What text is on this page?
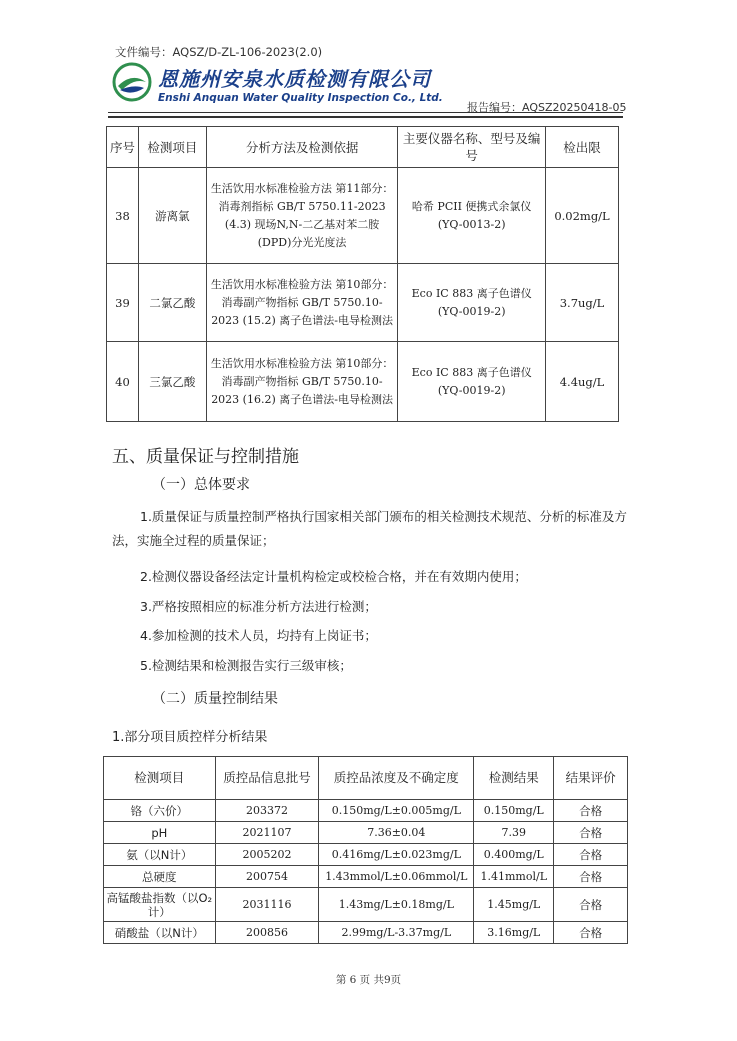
文件编号：AQSZ/D-ZL-106-2023(2.0)
恩施州安泉水质检测有限公司
Enshi Anquan Water Quality Inspection Co., Ltd.
报告编号：AQSZ20250418-05
序号	检测项目	分析方法及检测依据	主要仪器名称、型号及编号	检出限
38	游离氯	生活饮用水标准检验方法 第11部分：消毒剂指标 GB/T 5750.11-2023 (4.3) 现场N,N-二乙基对苯二胺(DPD)分光光度法	哈希 PCII 便携式余氯仪 (YQ-0013-2)	0.02mg/L
39	二氯乙酸	生活饮用水标准检验方法 第10部分：消毒副产物指标 GB/T 5750.10-2023 (15.2) 离子色谱法-电导检测法	Eco IC 883 离子色谱仪 (YQ-0019-2)	3.7ug/L
40	三氯乙酸	生活饮用水标准检验方法 第10部分：消毒副产物指标 GB/T 5750.10-2023 (16.2) 离子色谱法-电导检测法	Eco IC 883 离子色谱仪 (YQ-0019-2)	4.4ug/L
五、质量保证与控制措施
（一）总体要求
1.质量保证与质量控制严格执行国家相关部门颁布的相关检测技术规范、分析的标准及方法，实施全过程的质量保证；
2.检测仪器设备经法定计量机构检定或校检合格，并在有效期内使用；
3.严格按照相应的标准分析方法进行检测；
4.参加检测的技术人员，均持有上岗证书；
5.检测结果和检测报告实行三级审核；
（二）质量控制结果
1.部分项目质控样分析结果
检测项目	质控品信息批号	质控品浓度及不确定度	检测结果	结果评价
铬（六价）	203372	0.150mg/L±0.005mg/L	0.150mg/L	合格
pH	2021107	7.36±0.04	7.39	合格
氨（以N计）	2005202	0.416mg/L±0.023mg/L	0.400mg/L	合格
总硬度	200754	1.43mmol/L±0.06mmol/L	1.41mmol/L	合格
高锰酸盐指数（以O₂计）	2031116	1.43mg/L±0.18mg/L	1.45mg/L	合格
硝酸盐（以N计）	200856	2.99mg/L-3.37mg/L	3.16mg/L	合格
第 6 页 共9页
